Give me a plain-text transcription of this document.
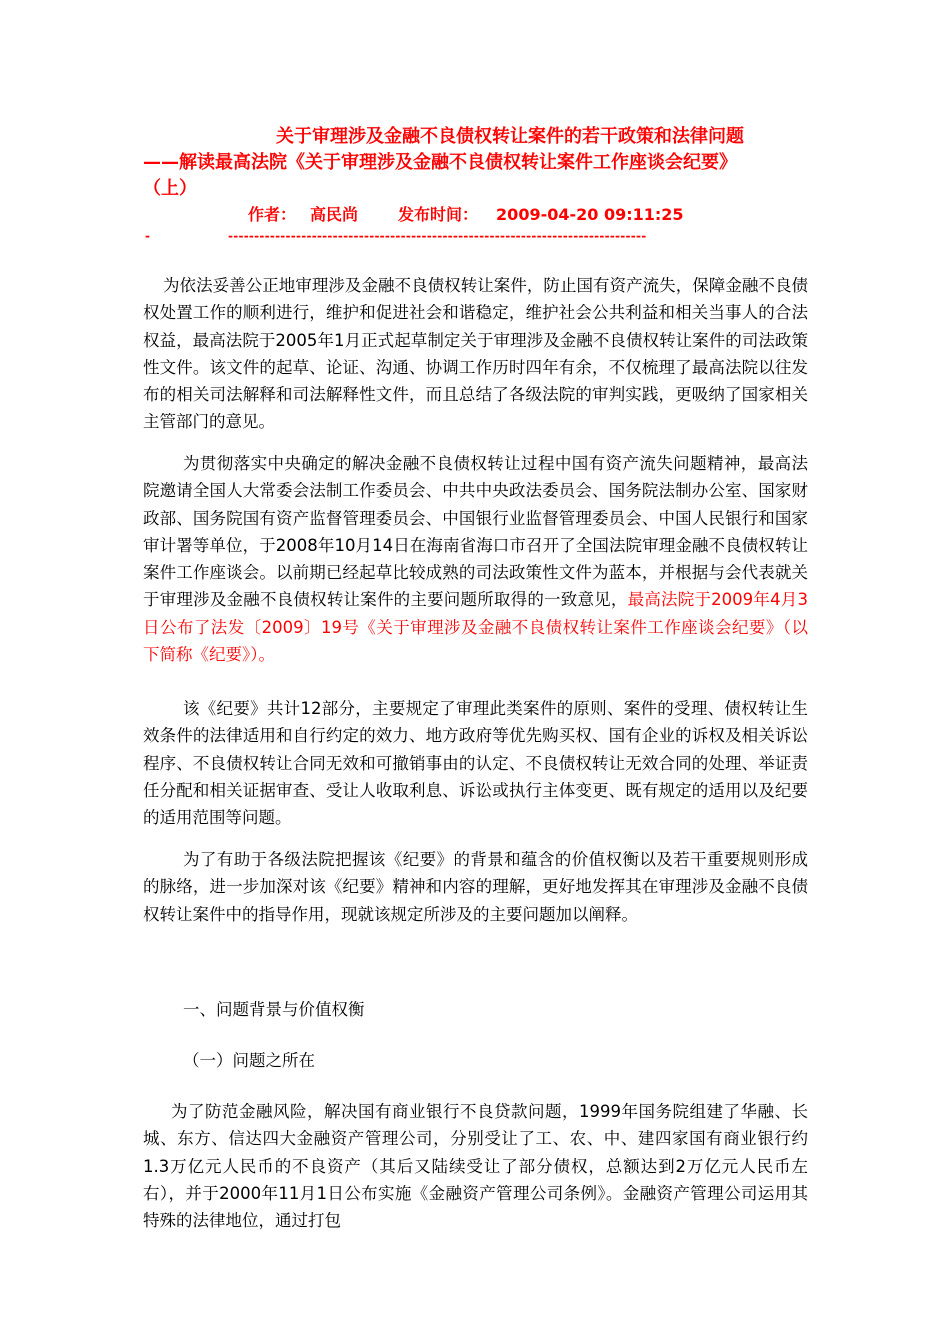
关于审理涉及金融不良债权转让案件的若干政策和法律问题
——解读最高法院《关于审理涉及金融不良债权转让案件工作座谈会纪要》
（上）
作者： 高民尚	发布时间： 2009-04-20 09:11:25
-	--------------------------------------------------------------------------------
为依法妥善公正地审理涉及金融不良债权转让案件，防止国有资产流失，保障金融不良债权处置工作的顺利进行，维护和促进社会和谐稳定，维护社会公共利益和相关当事人的合法权益，最高法院于2005年1月正式起草制定关于审理涉及金融不良债权转让案件的司法政策性文件。该文件的起草、论证、沟通、协调工作历时四年有余，不仅梳理了最高法院以往发布的相关司法解释和司法解释性文件，而且总结了各级法院的审判实践，更吸纳了国家相关主管部门的意见。
为贯彻落实中央确定的解决金融不良债权转让过程中国有资产流失问题精神，最高法院邀请全国人大常委会法制工作委员会、中共中央政法委员会、国务院法制办公室、国家财政部、国务院国有资产监督管理委员会、中国银行业监督管理委员会、中国人民银行和国家审计署等单位，于2008年10月14日在海南省海口市召开了全国法院审理金融不良债权转让案件工作座谈会。以前期已经起草比较成熟的司法政策性文件为蓝本，并根据与会代表就关于审理涉及金融不良债权转让案件的主要问题所取得的一致意见，最高法院于2009年4月3日公布了法发〔2009〕19号《关于审理涉及金融不良债权转让案件工作座谈会纪要》（以下简称《纪要》）。
该《纪要》共计12部分，主要规定了审理此类案件的原则、案件的受理、债权转让生效条件的法律适用和自行约定的效力、地方政府等优先购买权、国有企业的诉权及相关诉讼程序、不良债权转让合同无效和可撤销事由的认定、不良债权转让无效合同的处理、举证责任分配和相关证据审查、受让人收取利息、诉讼或执行主体变更、既有规定的适用以及纪要的适用范围等问题。
为了有助于各级法院把握该《纪要》的背景和蕴含的价值权衡以及若干重要规则形成的脉络，进一步加深对该《纪要》精神和内容的理解，更好地发挥其在审理涉及金融不良债权转让案件中的指导作用，现就该规定所涉及的主要问题加以阐释。
一、问题背景与价值权衡
（一）问题之所在
为了防范金融风险，解决国有商业银行不良贷款问题，1999年国务院组建了华融、长城、东方、信达四大金融资产管理公司，分别受让了工、农、中、建四家国有商业银行约1.3万亿元人民币的不良资产（其后又陆续受让了部分债权，总额达到2万亿元人民币左右），并于2000年11月1日公布实施《金融资产管理公司条例》。金融资产管理公司运用其特殊的法律地位，通过打包
